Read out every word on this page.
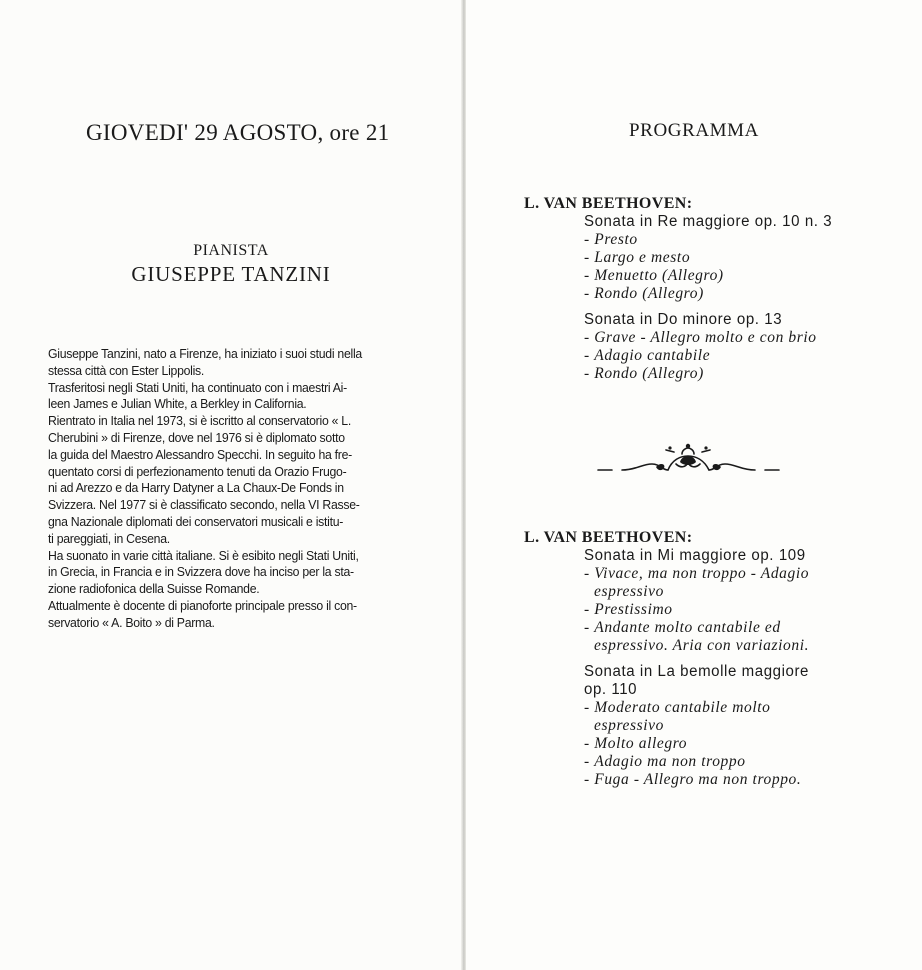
GIOVEDI' 29 AGOSTO, ore 21
PIANISTA
GIUSEPPE TANZINI

Giuseppe Tanzini, nato a Firenze, ha iniziato i suoi studi nella

stessa città con Ester Lippolis.

Trasferitosi negli Stati Uniti, ha continuato con i maestri Ai-

leen James e Julian White, a Berkley in California.

Rientrato in Italia nel 1973, si è iscritto al conservatorio « L.

Cherubini » di Firenze, dove nel 1976 si è diplomato sotto

la guida del Maestro Alessandro Specchi. In seguito ha fre-

quentato corsi di perfezionamento tenuti da Orazio Frugo-

ni ad Arezzo e da Harry Datyner a La Chaux-De Fonds in

Svizzera. Nel 1977 si è classificato secondo, nella VI Rasse-

gna Nazionale diplomati dei conservatori musicali e istitu-

ti pareggiati, in Cesena.

Ha suonato in varie città italiane. Si è esibito negli Stati Uniti,

in Grecia, in Francia e in Svizzera dove ha inciso per la sta-

zione radiofonica della Suisse Romande.

Attualmente è docente di pianoforte principale presso il con-

servatorio « A. Boito » di Parma.

PROGRAMMA
L. VAN BEETHOVEN:
Sonata in Re maggiore op. 10 n. 3
- Presto
- Largo e mesto
- Menuetto (Allegro)
- Rondo (Allegro)
Sonata in Do minore op. 13
- Grave - Allegro molto e con brio
- Adagio cantabile
- Rondo (Allegro)
L. VAN BEETHOVEN:
Sonata in Mi maggiore op. 109
- Vivace, ma non troppo - Adagio
espressivo
- Prestissimo
- Andante molto cantabile ed
espressivo. Aria con variazioni.
Sonata in La bemolle maggiore
op. 110
- Moderato cantabile molto
espressivo
- Molto allegro
- Adagio ma non troppo
- Fuga - Allegro ma non troppo.
